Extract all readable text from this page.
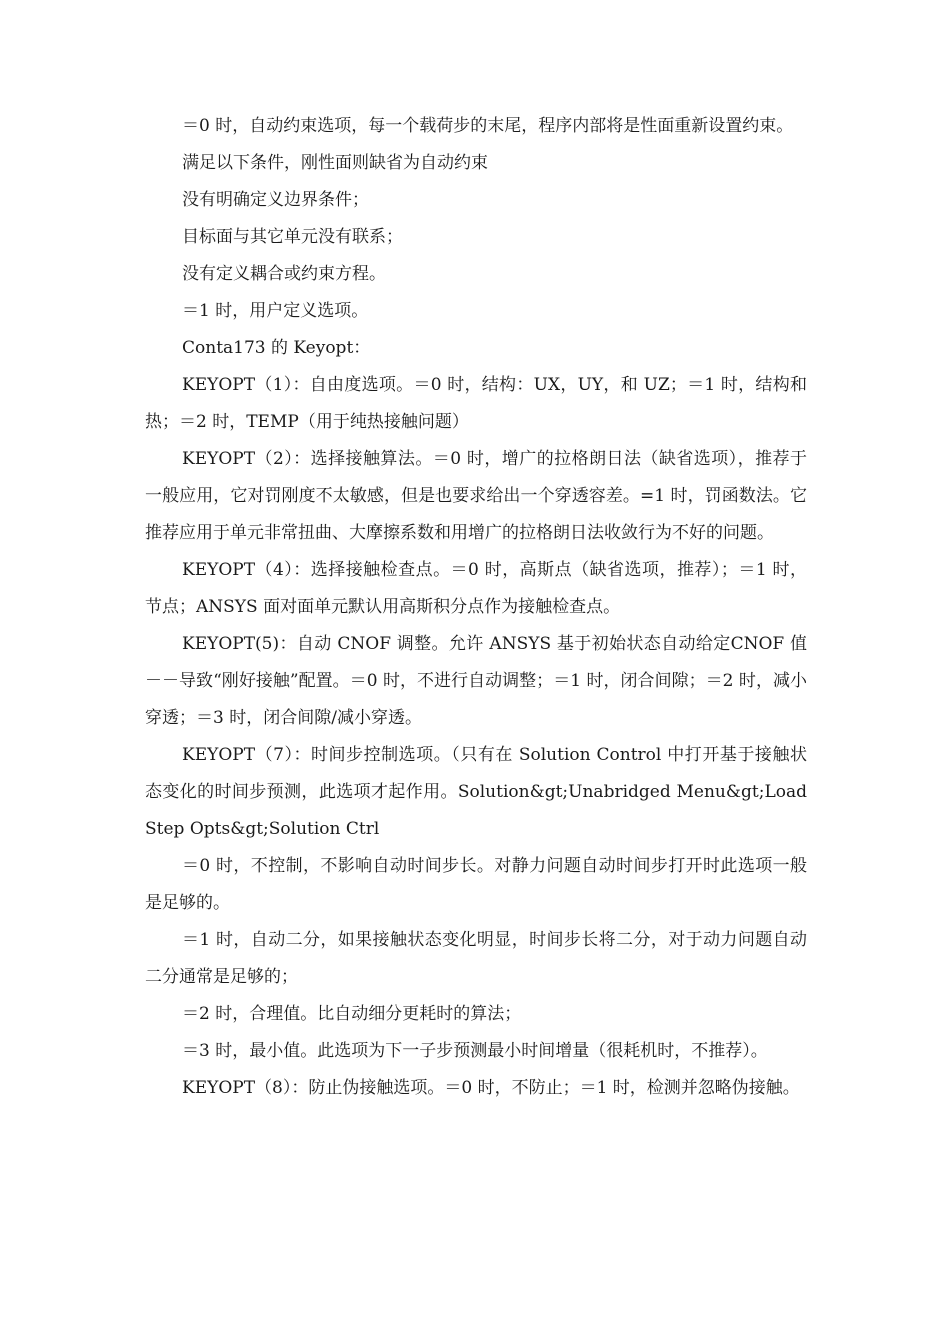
＝0 时，自动约束选项，每一个载荷步的末尾，程序内部将是性面重新设置约束。

满足以下条件，刚性面则缺省为自动约束

没有明确定义边界条件；

目标面与其它单元没有联系；

没有定义耦合或约束方程。

＝1 时，用户定义选项。

Conta173 的 Keyopt：

KEYOPT（1）：自由度选项。＝0 时，结构：UX，UY，和 UZ；＝1 时，结构和热；＝2 时，TEMP（用于纯热接触问题）

KEYOPT（2）：选择接触算法。＝0 时，增广的拉格朗日法（缺省选项），推荐于一般应用，它对罚刚度不太敏感，但是也要求给出一个穿透容差。=1 时，罚函数法。它推荐应用于单元非常扭曲、大摩擦系数和用增广的拉格朗日法收敛行为不好的问题。

KEYOPT（4）：选择接触检查点。＝0 时，高斯点（缺省选项，推荐）；＝1 时，节点；ANSYS 面对面单元默认用高斯积分点作为接触检查点。

KEYOPT(5)：自动 CNOF 调整。允许 ANSYS 基于初始状态自动给定CNOF 值－－导致“刚好接触”配置。＝0 时，不进行自动调整；＝1 时，闭合间隙；＝2 时，减小穿透；＝3 时，闭合间隙/减小穿透。

KEYOPT（7）：时间步控制选项。（只有在 Solution Control 中打开基于接触状态变化的时间步预测，此选项才起作用。Solution&gt;Unabridged Menu&gt;Load Step Opts&gt;Solution Ctrl

＝0 时，不控制，不影响自动时间步长。对静力问题自动时间步打开时此选项一般是足够的。

＝1 时，自动二分，如果接触状态变化明显，时间步长将二分，对于动力问题自动二分通常是足够的；

＝2 时，合理值。比自动细分更耗时的算法；

＝3 时，最小值。此选项为下一子步预测最小时间增量（很耗机时，不推荐）。

KEYOPT（8）：防止伪接触选项。＝0 时，不防止；＝1 时，检测并忽略伪接触。
